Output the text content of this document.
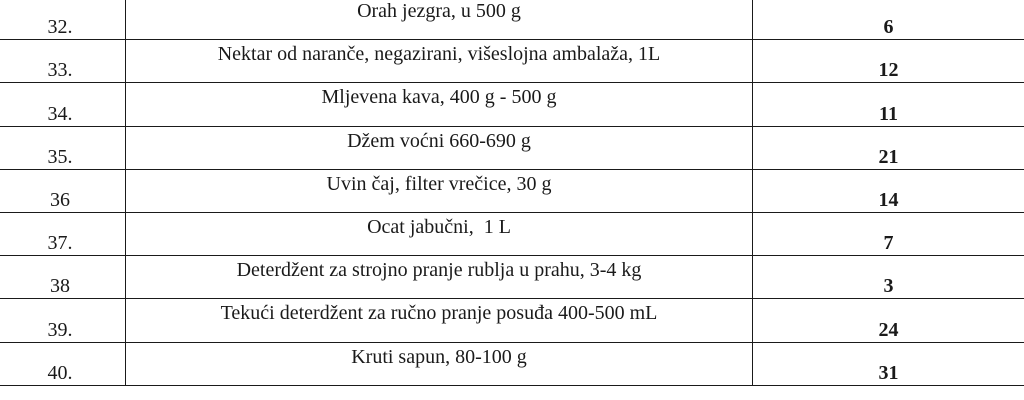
32.	Orah jezgra, u 500 g	6
33.	Nektar od naranče, negazirani, višeslojna ambalaža, 1L	12
34.	Mljevena kava, 400 g - 500 g	11
35.	Džem voćni 660-690 g	21
36	Uvin čaj, filter vrečice, 30 g	14
37.	Ocat jabučni,  1 L	7
38	Deterdžent za strojno pranje rublja u prahu, 3-4 kg	3
39.	Tekući deterdžent za ručno pranje posuđa 400-500 mL	24
40.	Kruti sapun, 80-100 g	31
